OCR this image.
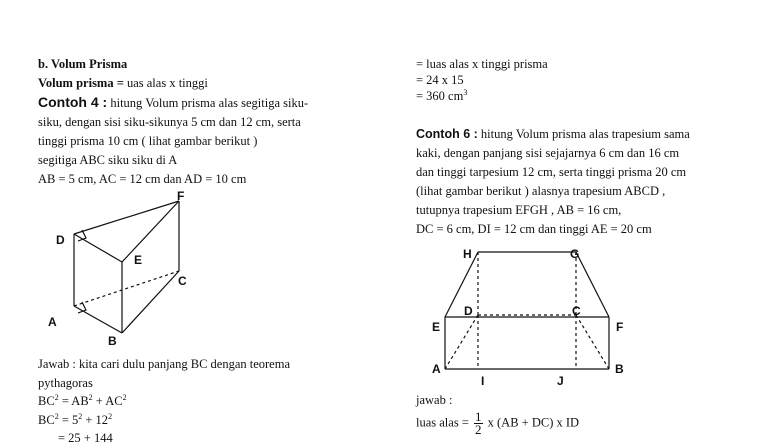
b. Volum Prisma
Volum prisma = uas alas x tinggi
Contoh 4 : hitung Volum prisma alas segitiga siku-
siku, dengan sisi siku-sikunya 5 cm dan 12 cm, serta
tinggi prisma 10 cm ( lihat gambar berikut )
segitiga ABC siku siku di A
AB = 5 cm, AC = 12 cm dan AD = 10 cm
D
F
E
C
A
B
Jawab : kita cari dulu panjang BC dengan teorema
pythagoras
$BC^2 = AB^2 + AC^2$
$BC^2 = 5^2 + 12^2$
= 25 + 144
= luas alas x tinggi prisma
= 24 x 15
= 360 $cm^3$
Contoh 6 : hitung Volum prisma alas trapesium sama
kaki, dengan panjang sisi sejajarnya 6 cm dan 16 cm
dan tinggi tarpesium 12 cm, serta tinggi prisma 20 cm
(lihat gambar berikut ) alasnya trapesium ABCD ,
tutupnya trapesium EFGH , AB = 16 cm,
DC = 6 cm, DI = 12 cm dan tinggi AE = 20 cm
H	G
D	C
E	F
A	B
I	J
jawab :
luas alas = $\frac{1}{2}$ x (AB + DC) x ID
